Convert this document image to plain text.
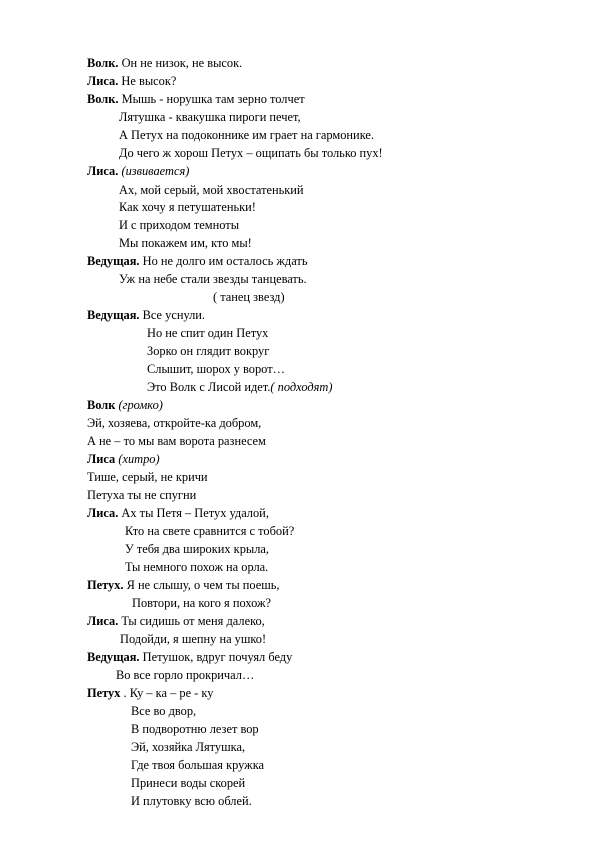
Волк. Он не низок, не высок.
Лиса. Не высок?
Волк. Мышь - норушка там зерно толчет
Лятушка - квакушка пироги печет,
А Петух на подоконнике им грает на гармонике.
До чего ж хорош Петух – ощипать бы только пух!
Лиса. (извивается)
Ах, мой серый, мой хвостатенький
Как хочу я петушатеньки!
И с приходом темноты
Мы покажем им, кто мы!
Ведущая. Но не долго им осталось ждать
Уж на небе стали звезды танцевать.
( танец звезд)
Ведущая. Все уснули.
Но не спит один Петух
Зорко он глядит вокруг
Слышит, шорох у ворот…
Это Волк с Лисой идет.( подходят)
Волк (громко)
Эй, хозяева, откройте-ка добром,
А не – то мы вам ворота разнесем
Лиса (хитро)
Тише, серый, не кричи
Петуха ты не спугни
Лиса. Ах ты Петя – Петух удалой,
Кто на свете сравнится с тобой?
У тебя два широких крыла,
Ты немного похож на орла.
Петух. Я не слышу, о чем ты поешь,
Повтори, на кого я похож?
Лиса. Ты сидишь от меня далеко,
Подойди, я шепну на ушко!
Ведущая. Петушок, вдруг почуял беду
Во все горло прокричал…
Петух . Ку – ка – ре - ку
Все во двор,
В подворотню лезет вор
Эй, хозяйка Лятушка,
Где твоя большая кружка
Принеси воды скорей
И плутовку всю облей.
